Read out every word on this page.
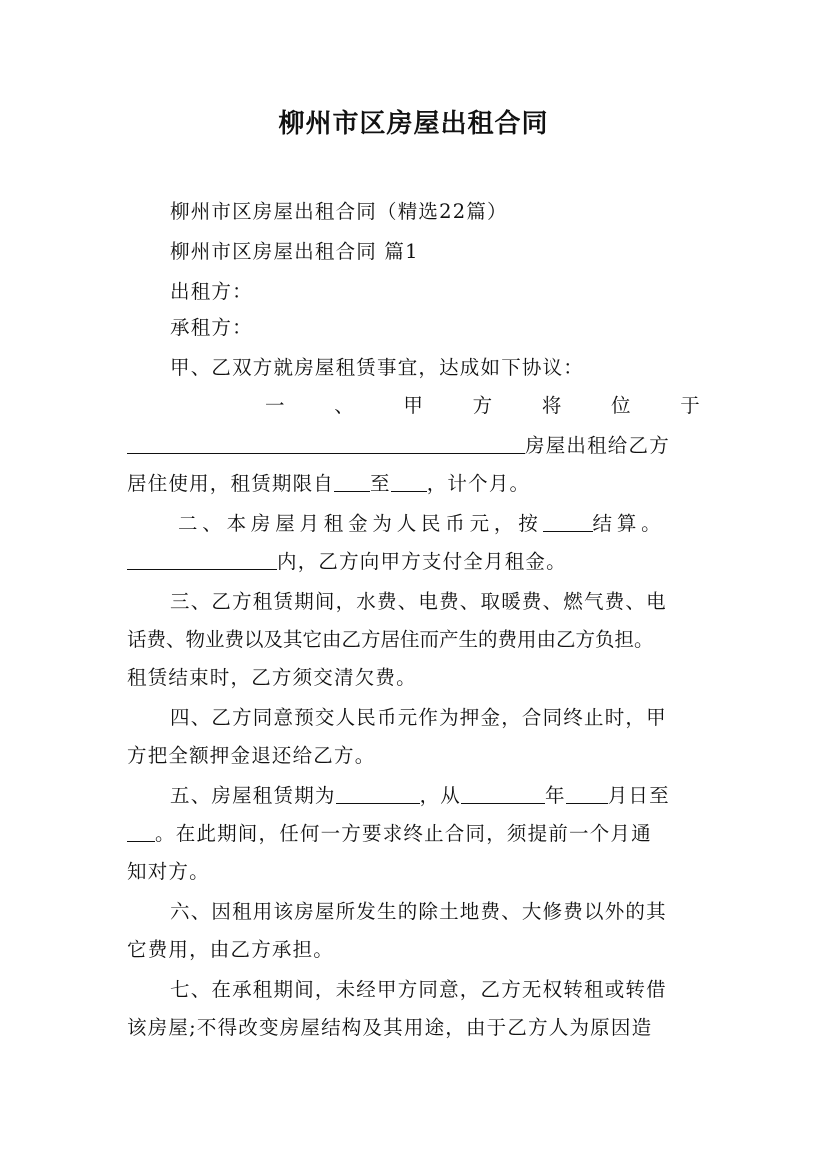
柳州市区房屋出租合同
柳州市区房屋出租合同（精选22篇）
柳州市区房屋出租合同 篇1
出租方：
承租方：
甲、乙双方就房屋租赁事宜，达成如下协议：
一 、 甲 方 将 位 于
房屋出租给乙方
居住使用，租赁期限自 至 ，计个月。
二、本房屋月租金为人民币元，按	结算。
内，乙方向甲方支付全月租金。
三、乙方租赁期间，水费、电费、取暖费、燃气费、电
话费、物业费以及其它由乙方居住而产生的费用由乙方负担。
租赁结束时，乙方须交清欠费。
四、乙方同意预交人民币元作为押金，合同终止时，甲
方把全额押金退还给乙方。
五、房屋租赁期为	，从	年 月日至
。在此期间，任何一方要求终止合同，须提前一个月通
知对方。
六、因租用该房屋所发生的除土地费、大修费以外的其
它费用，由乙方承担。
七、在承租期间，未经甲方同意，乙方无权转租或转借
该房屋;不得改变房屋结构及其用途，由于乙方人为原因造
